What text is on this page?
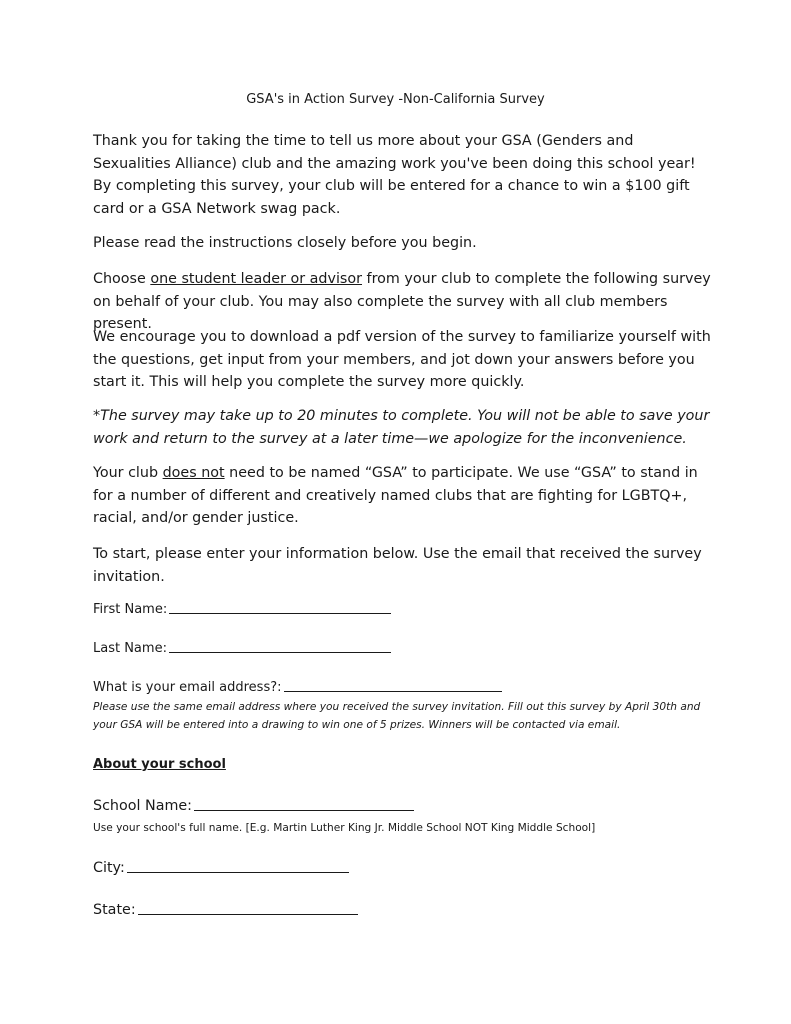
GSA's in Action Survey -Non-California Survey

Thank you for taking the time to tell us more about your GSA (Genders and Sexualities Alliance) club and the amazing work you've been doing this school year! By completing this survey, your club will be entered for a chance to win a $100 gift card or a GSA Network swag pack.

Please read the instructions closely before you begin.

Choose one student leader or advisor from your club to complete the following survey on behalf of your club. You may also complete the survey with all club members present.

We encourage you to download a pdf version of the survey to familiarize yourself with the questions, get input from your members, and jot down your answers before you start it. This will help you complete the survey more quickly.

*The survey may take up to 20 minutes to complete. You will not be able to save your work and return to the survey at a later time—we apologize for the inconvenience.

Your club does not need to be named “GSA” to participate. We use “GSA” to stand in for a number of different and creatively named clubs that are fighting for LGBTQ+, racial, and/or gender justice.

To start, please enter your information below. Use the email that received the survey invitation.

First Name:
Last Name:
What is your email address?:

Please use the same email address where you received the survey invitation. Fill out this survey by April 30th and your GSA will be entered into a drawing to win one of 5 prizes. Winners will be contacted via email.

About your school
School Name:

Use your school's full name. [E.g. Martin Luther King Jr. Middle School NOT King Middle School]

City:
State:
